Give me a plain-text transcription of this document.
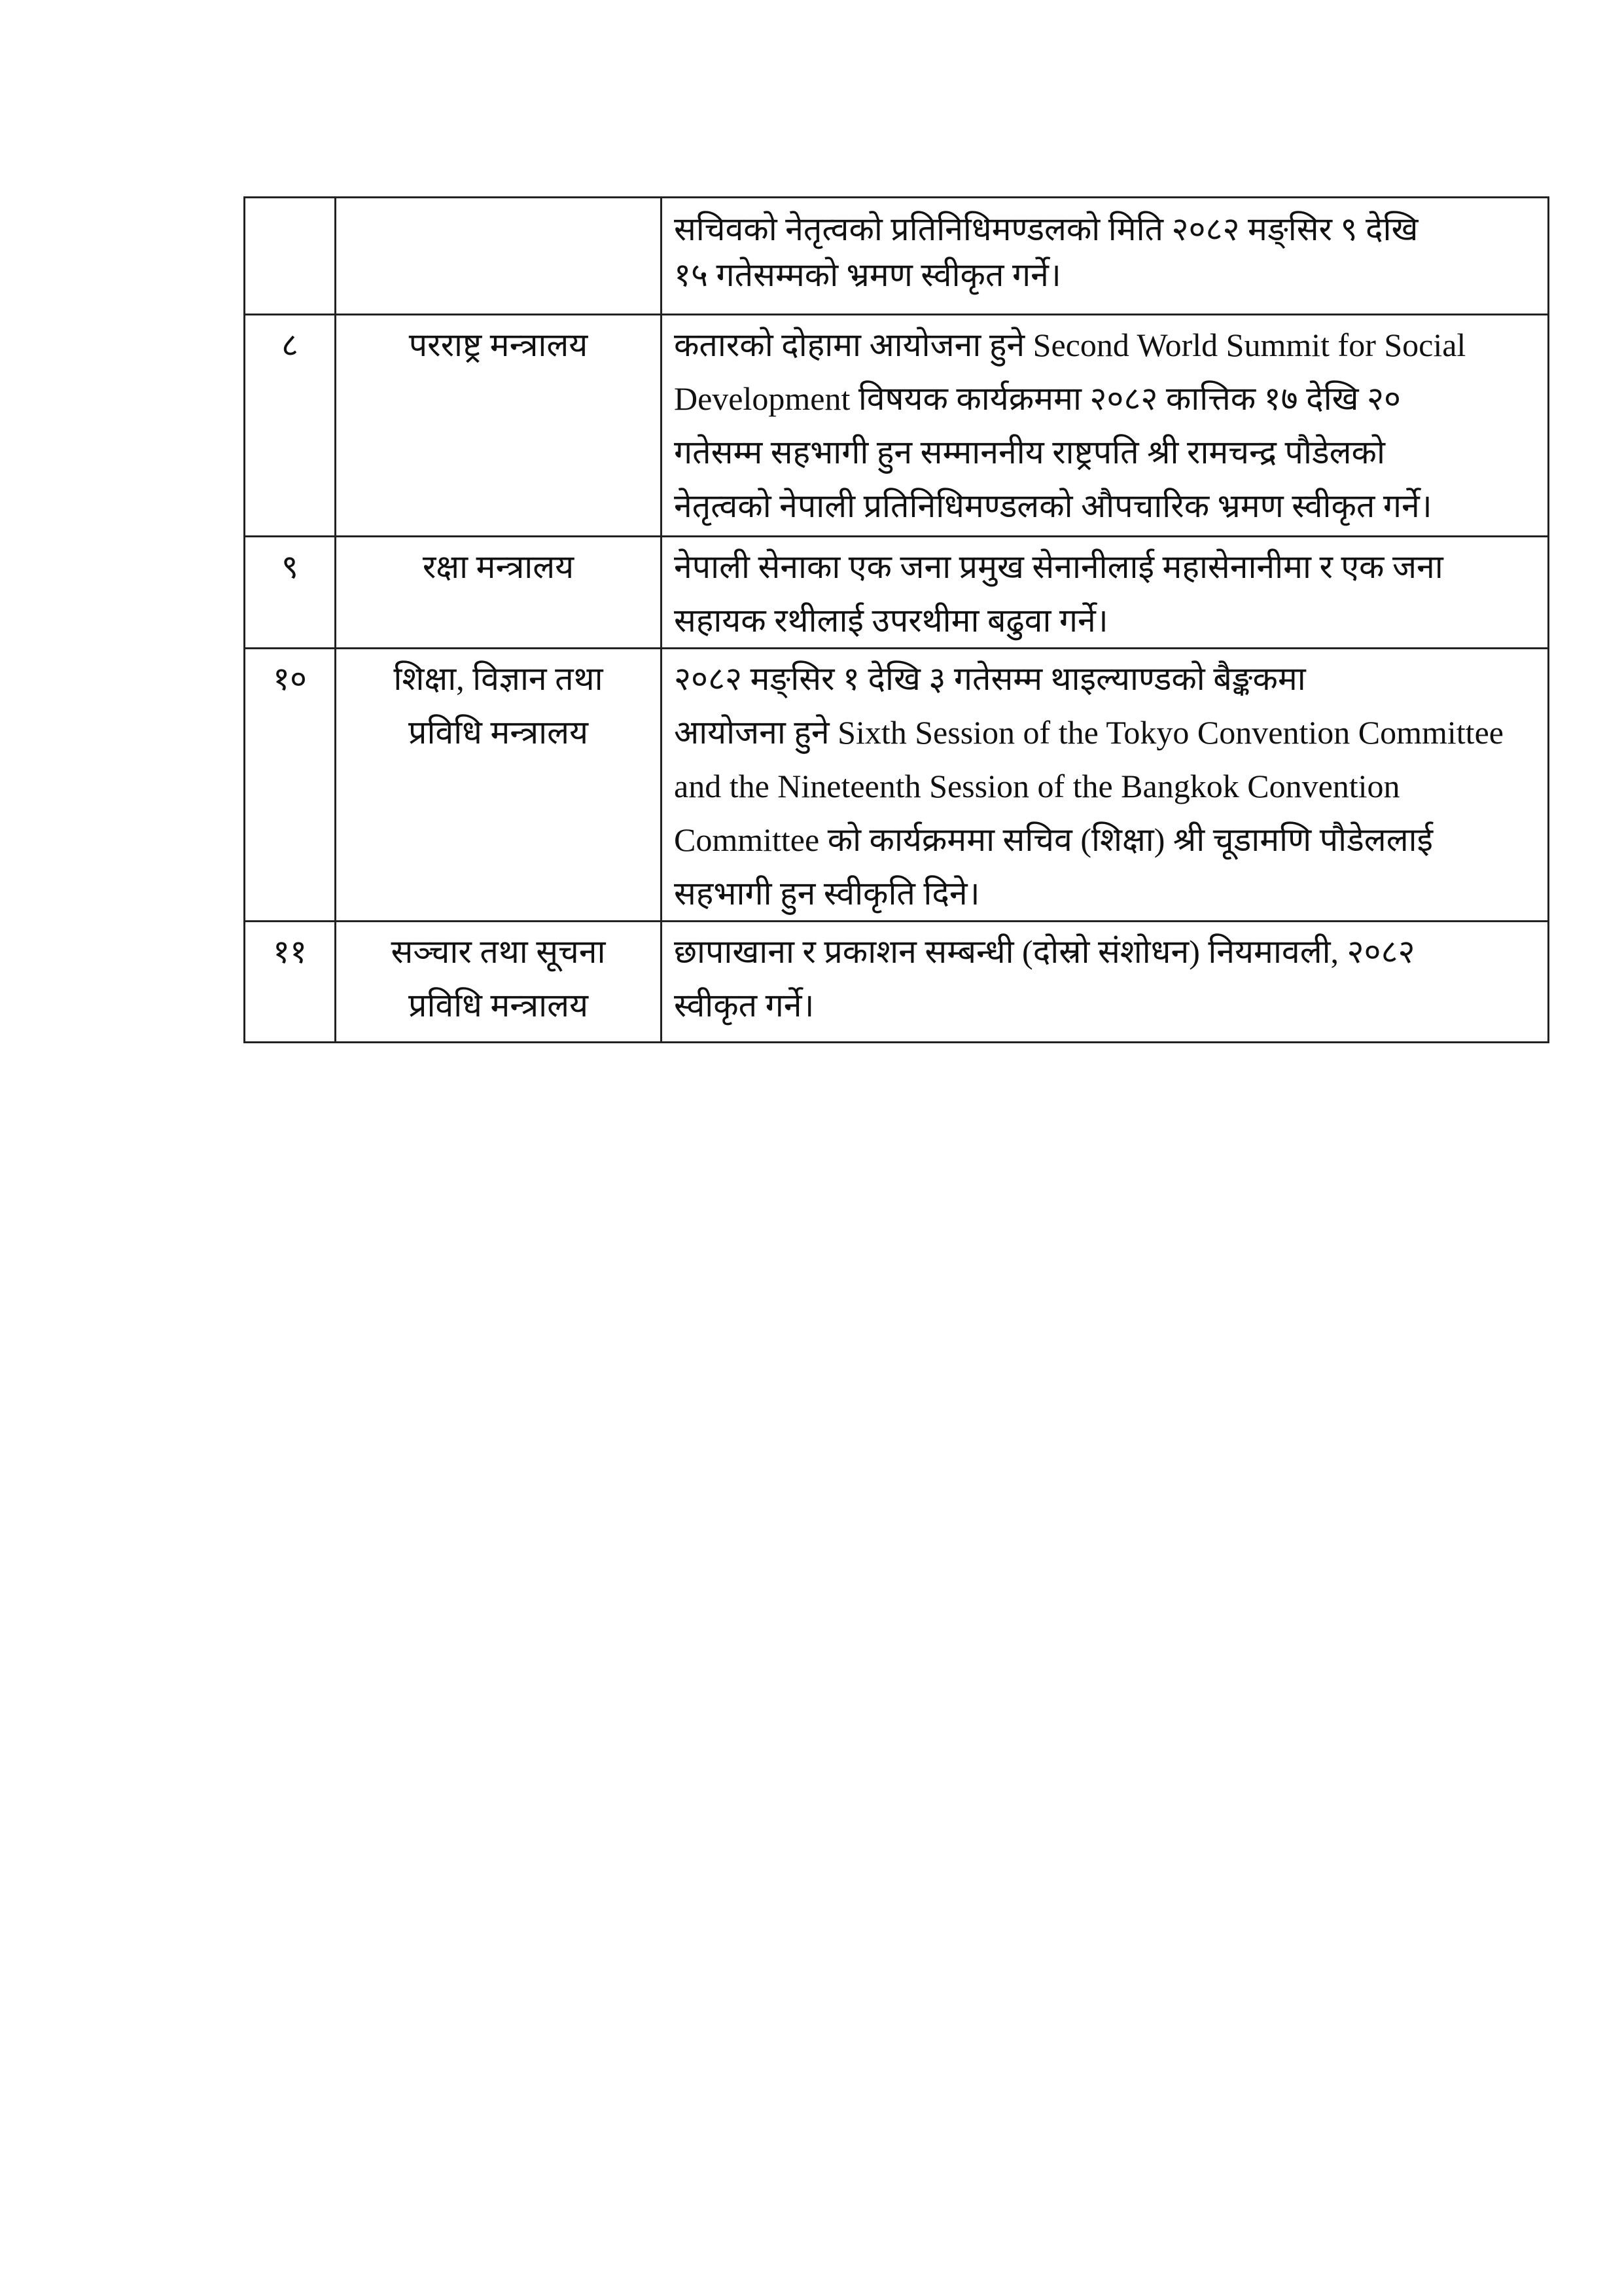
		सचिवको नेतृत्वको प्रतिनिधिमण्डलको मिति २०८२ मङ्सिर ९ देखि
१५ गतेसम्मको भ्रमण स्वीकृत गर्ने।

८	परराष्ट्र मन्त्रालय	कतारको दोहामा आयोजना हुने Second World Summit for Social
Development विषयक कार्यक्रममा २०८२ कात्तिक १७ देखि २०
गतेसम्म सहभागी हुन सम्माननीय राष्ट्रपति श्री रामचन्द्र पौडेलको
नेतृत्वको नेपाली प्रतिनिधिमण्डलको औपचारिक भ्रमण स्वीकृत गर्ने।

९	रक्षा मन्त्रालय	नेपाली सेनाका एक जना प्रमुख सेनानीलाई महासेनानीमा र एक जना
सहायक रथीलाई उपरथीमा बढुवा गर्ने।

१०	शिक्षा, विज्ञान तथा
प्रविधि मन्त्रालय	२०८२ मङ्सिर १ देखि ३ गतेसम्म थाइल्याण्डको बैङ्ककमा
आयोजना हुने Sixth Session of the Tokyo Convention Committee
and the Nineteenth Session of the Bangkok Convention
Committee को कार्यक्रममा सचिव (शिक्षा) श्री चूडामणि पौडेललाई
सहभागी हुन स्वीकृति दिने।

११	सञ्चार तथा सूचना
प्रविधि मन्त्रालय	छापाखाना र प्रकाशन सम्बन्धी (दोस्रो संशोधन) नियमावली, २०८२
स्वीकृत गर्ने।
